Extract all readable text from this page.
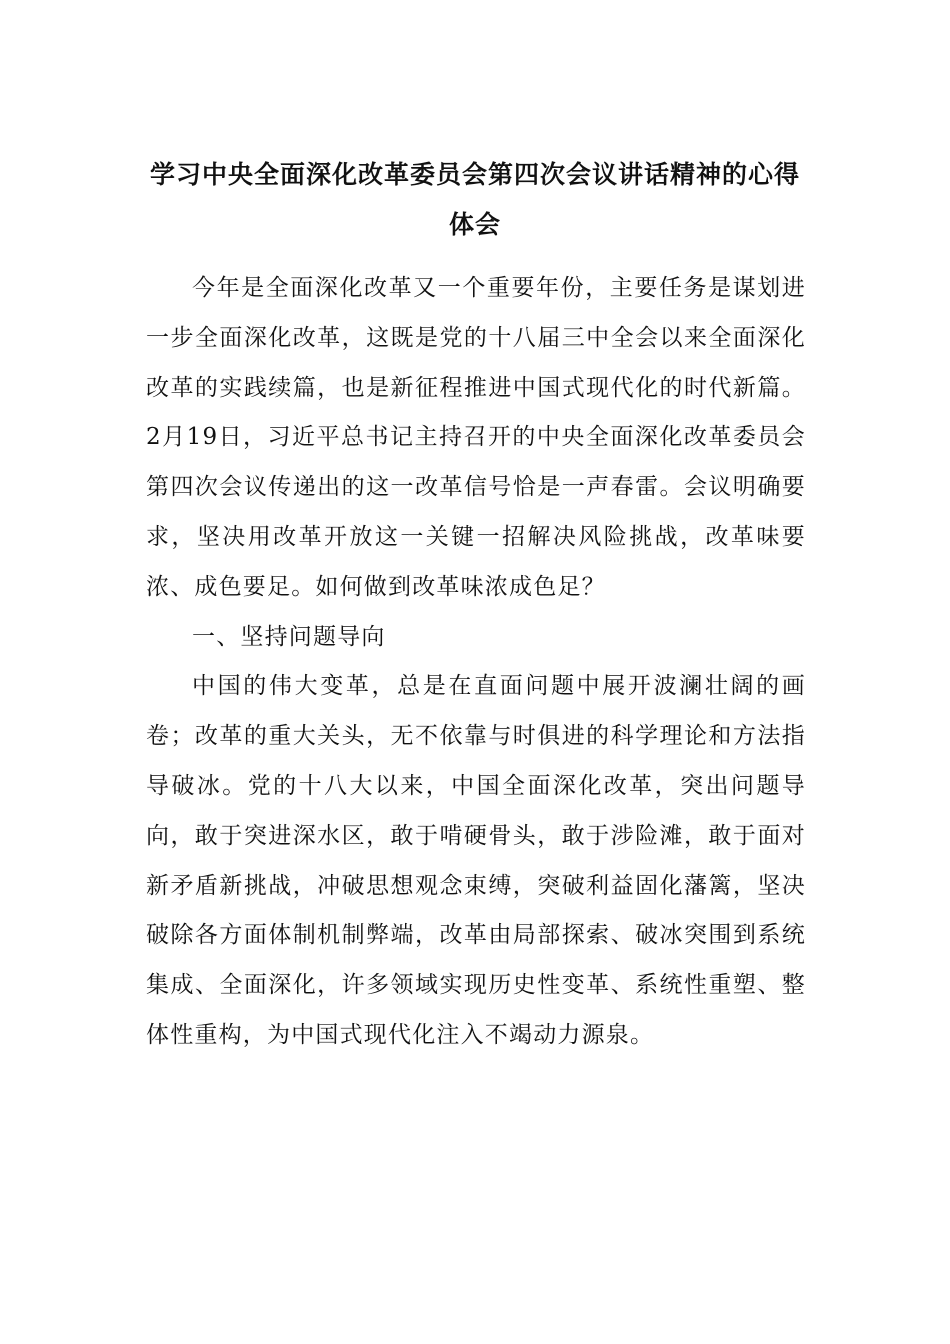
学习中央全面深化改革委员会第四次会议讲话精神的心得体会

今年是全面深化改革又一个重要年份，主要任务是谋划进一步全面深化改革，这既是党的十八届三中全会以来全面深化改革的实践续篇，也是新征程推进中国式现代化的时代新篇。2月19日，习近平总书记主持召开的中央全面深化改革委员会第四次会议传递出的这一改革信号恰是一声春雷。会议明确要求，坚决用改革开放这一关键一招解决风险挑战，改革味要浓、成色要足。如何做到改革味浓成色足？

一、坚持问题导向

中国的伟大变革，总是在直面问题中展开波澜壮阔的画卷；改革的重大关头，无不依靠与时俱进的科学理论和方法指导破冰。党的十八大以来，中国全面深化改革，突出问题导向，敢于突进深水区，敢于啃硬骨头，敢于涉险滩，敢于面对新矛盾新挑战，冲破思想观念束缚，突破利益固化藩篱，坚决破除各方面体制机制弊端，改革由局部探索、破冰突围到系统集成、全面深化，许多领域实现历史性变革、系统性重塑、整体性重构，为中国式现代化注入不竭动力源泉。
